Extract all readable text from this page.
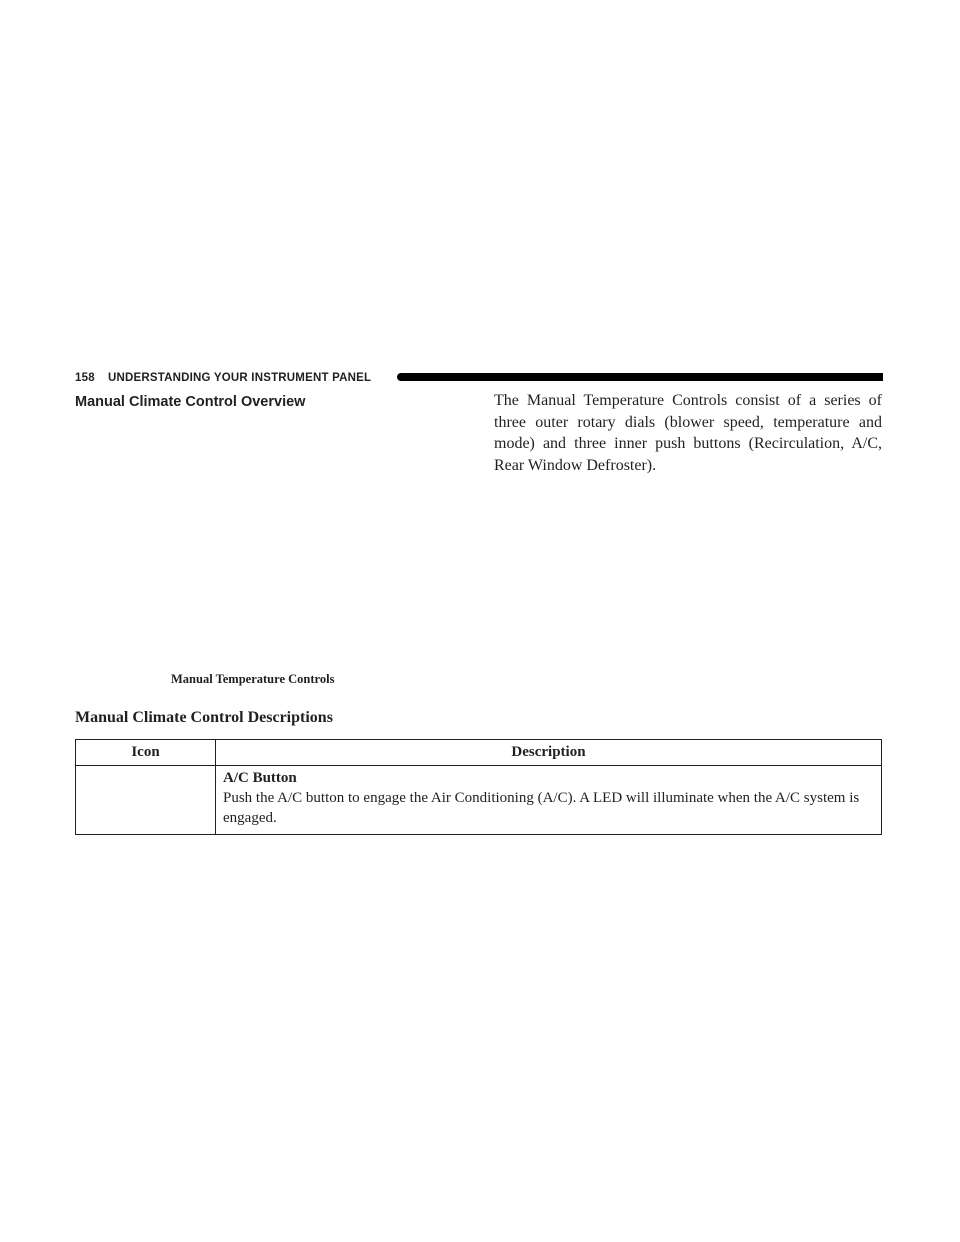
158 UNDERSTANDING YOUR INSTRUMENT PANEL
Manual Climate Control Overview	The Manual Temperature Controls consist of a series of three outer rotary dials (blower speed, temperature and mode) and three inner push buttons (Recirculation, A/C, Rear Window Defroster).

Manual Temperature Controls
Manual Climate Control Descriptions
Icon	Description

	A/C Button
Push the A/C button to engage the Air Conditioning (A/C). A LED will illuminate when the A/C system is engaged.
